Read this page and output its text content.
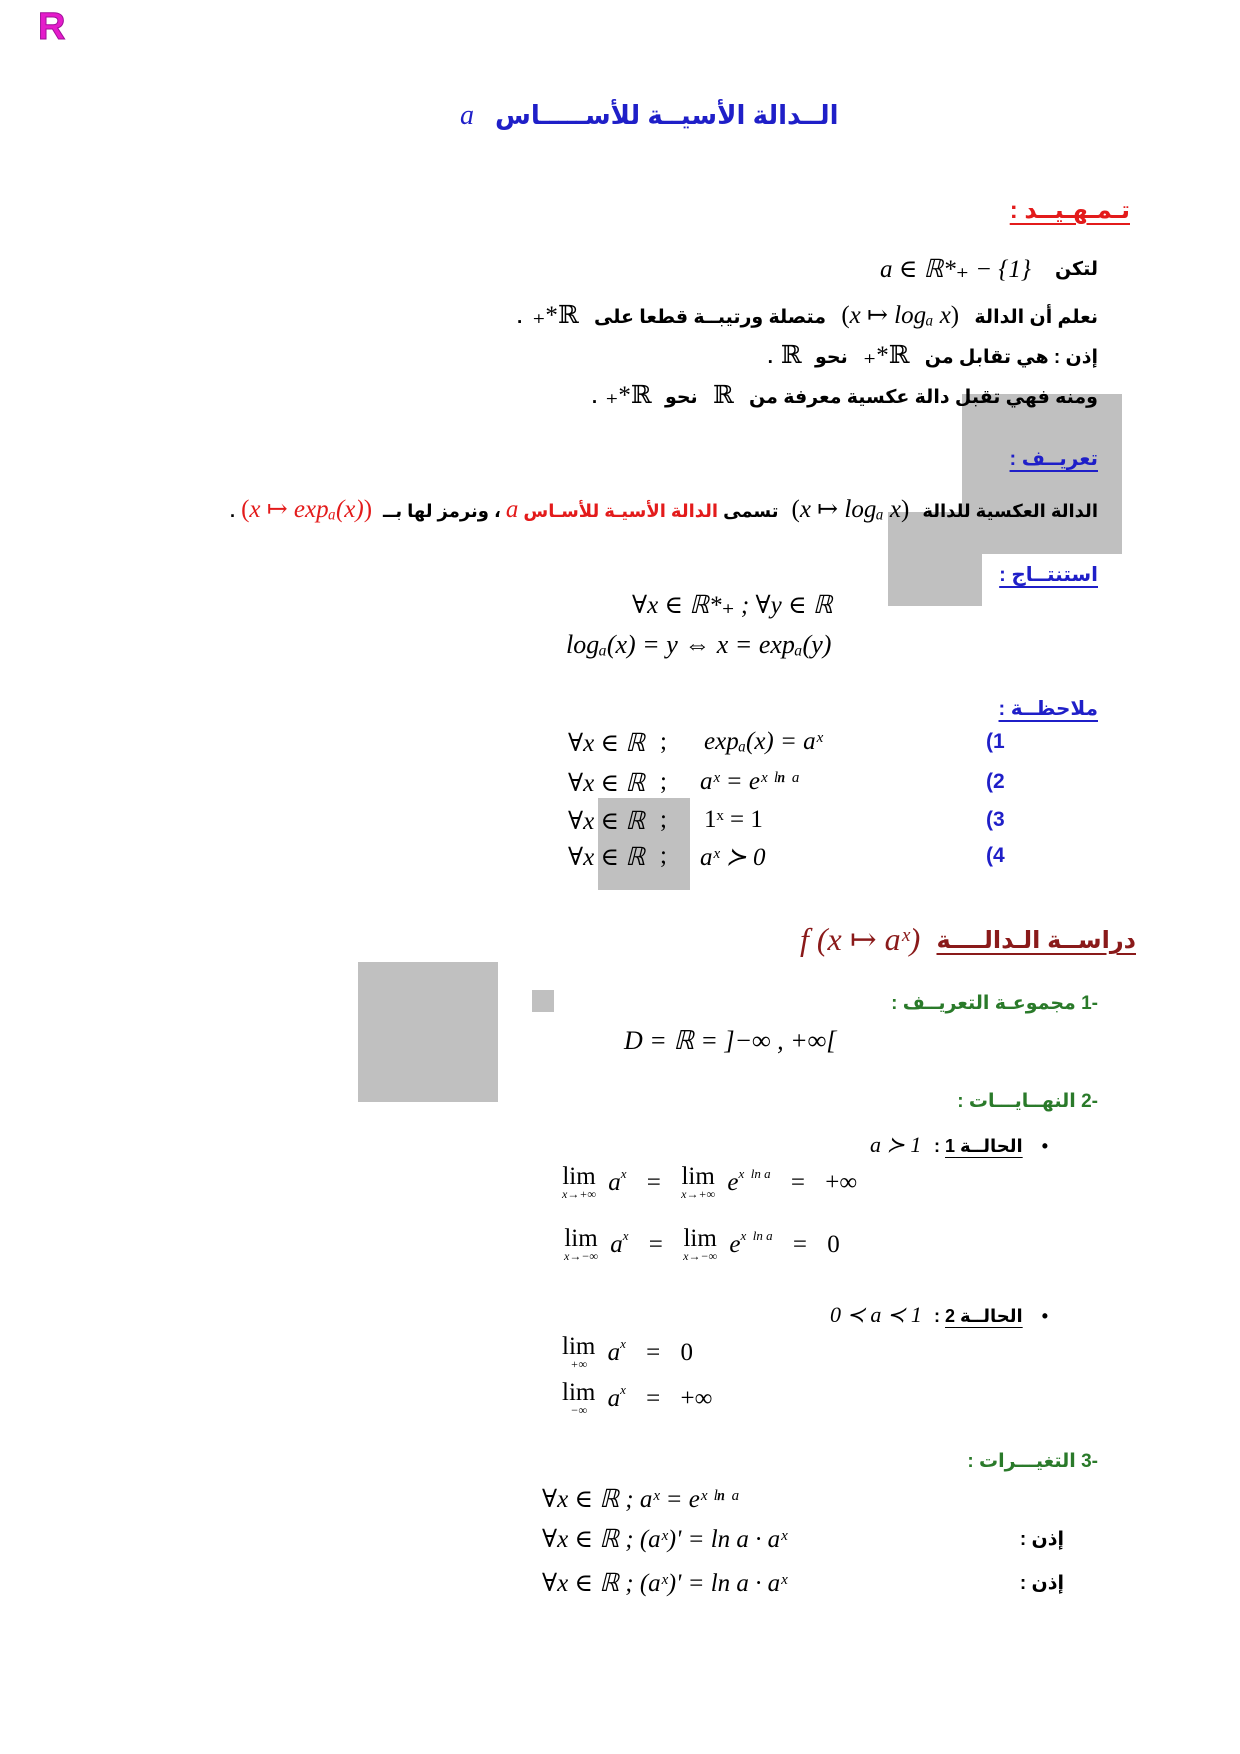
R
a الــدالة الأسيــة للأســـــاس
تـمـهـيــد :
لتكن
a ∈ ℝ*₊ − {1}
نعلم أن الدالة (x ↦ logₐ x) متصلة ورتيبــة قطعا على ℝ*₊.
إذن : هي تقابل من ℝ*₊ نحو ℝ.
ومنه فهي تقبل دالة عكسية معرفة من ℝ نحو ℝ*₊.
تعريــف :
الدالة العكسية للدالة (x ↦ logₐ x) تسمى الدالة الأسيـة للأسـاس a ، ونرمز لها بــ (x ↦ expₐ(x)).
استنتــاج :
∀x ∈ ℝ*₊ ; ∀y ∈ ℝ
logₐ(x) = y ⇔ x = expₐ(y)
ملاحظــة :
(1
∀x ∈ ℝ ; expₐ(x) = aˣ
(2
∀x ∈ ℝ ; aˣ = eˣ ˡⁿ ᵃ
(3
∀x ∈ ℝ ; 1ˣ = 1
(4
∀x ∈ ℝ ; aˣ ≻ 0
دراســة الـدالــــة
f (x ↦ aˣ)
-1 مجموعـة التعريــف :
D = ℝ = ]−∞ , +∞[
-2 النهــايـــات :
• الحالــة 1 :
a ≻ 1
lim
x→+∞ $a^x = \lim$
x→+∞ $e^{x ln a}$ = +∞
lim
x→−∞ $a^x = \lim$
x→−∞ $e^{x ln a} = 0$
• الحالــة 2 :
0 ≺ a ≺ 1
lim
+∞ $a^x = 0$
lim
−∞ $a^x$ = +∞
-3 التغيـــرات :
∀x ∈ ℝ ; aˣ = eˣ ˡⁿ ᵃ
إذن :
∀x ∈ ℝ ; (aˣ)' = ln a · aˣ
إذن :
∀x ∈ ℝ ; (aˣ)' = ln a · aˣ
